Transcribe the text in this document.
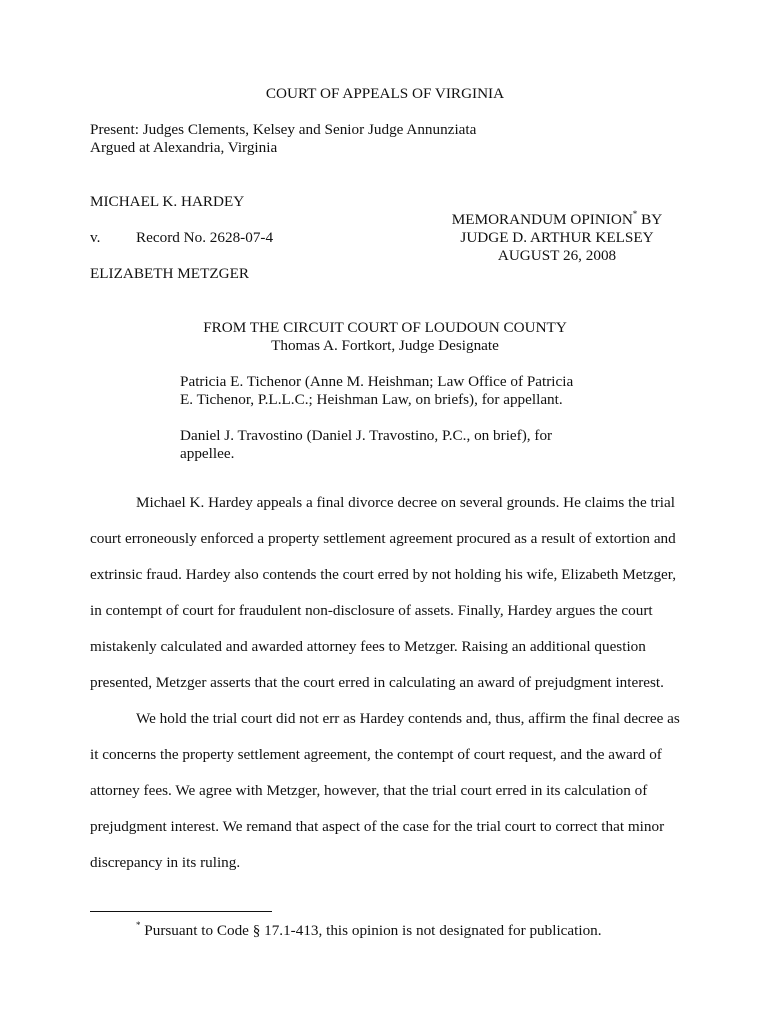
COURT OF APPEALS OF VIRGINIA
Present: Judges Clements, Kelsey and Senior Judge Annunziata
Argued at Alexandria, Virginia
MICHAEL K. HARDEY
v. Record No. 2628-07-4
ELIZABETH METZGER
MEMORANDUM OPINION* BY
JUDGE D. ARTHUR KELSEY
AUGUST 26, 2008
FROM THE CIRCUIT COURT OF LOUDOUN COUNTY
Thomas A. Fortkort, Judge Designate
Patricia E. Tichenor (Anne M. Heishman; Law Office of Patricia
E. Tichenor, P.L.L.C.; Heishman Law, on briefs), for appellant.
Daniel J. Travostino (Daniel J. Travostino, P.C., on brief), for
appellee.
Michael K. Hardey appeals a final divorce decree on several grounds. He claims the trial
court erroneously enforced a property settlement agreement procured as a result of extortion and
extrinsic fraud. Hardey also contends the court erred by not holding his wife, Elizabeth Metzger,
in contempt of court for fraudulent non-disclosure of assets. Finally, Hardey argues the court
mistakenly calculated and awarded attorney fees to Metzger. Raising an additional question
presented, Metzger asserts that the court erred in calculating an award of prejudgment interest.
We hold the trial court did not err as Hardey contends and, thus, affirm the final decree as
it concerns the property settlement agreement, the contempt of court request, and the award of
attorney fees. We agree with Metzger, however, that the trial court erred in its calculation of
prejudgment interest. We remand that aspect of the case for the trial court to correct that minor
discrepancy in its ruling.
* Pursuant to Code § 17.1-413, this opinion is not designated for publication.
